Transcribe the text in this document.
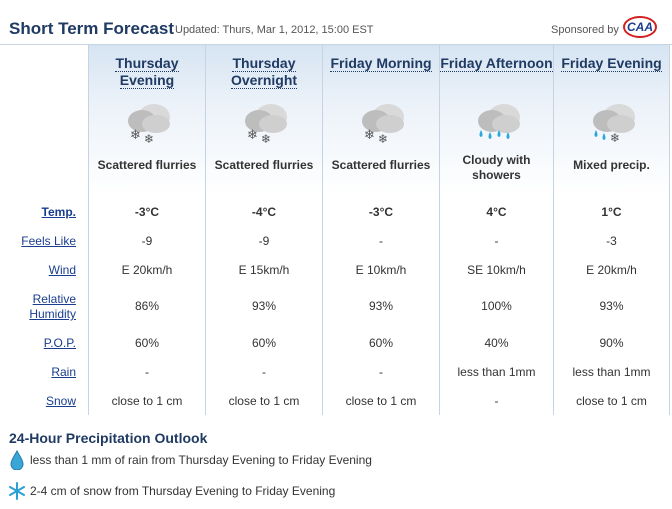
Short Term Forecast Updated: Thurs, Mar 1, 2012, 15:00 EST	Sponsored by CAA
Temp.
Feels Like
Wind
Relative Humidity
P.O.P.
Rain
Snow
Thursday Evening
❄ ❄
Scattered flurries
-3°C
-9
E 20km/h
86%
60%
-
close to 1 cm
Thursday Overnight
❄ ❄
Scattered flurries
-4°C
-9
E 15km/h
93%
60%
-
close to 1 cm
Friday Morning
❄ ❄
Scattered flurries
-3°C
-
E 10km/h
93%
60%
-
close to 1 cm
Friday Afternoon
Cloudy with showers
4°C
-
SE 10km/h
100%
40%
less than 1mm
-
Friday Evening
❄
Mixed precip.
1°C
-3
E 20km/h
93%
90%
less than 1mm
close to 1 cm
24-Hour Precipitation Outlook
less than 1 mm of rain from Thursday Evening to Friday Evening
2-4 cm of snow from Thursday Evening to Friday Evening
